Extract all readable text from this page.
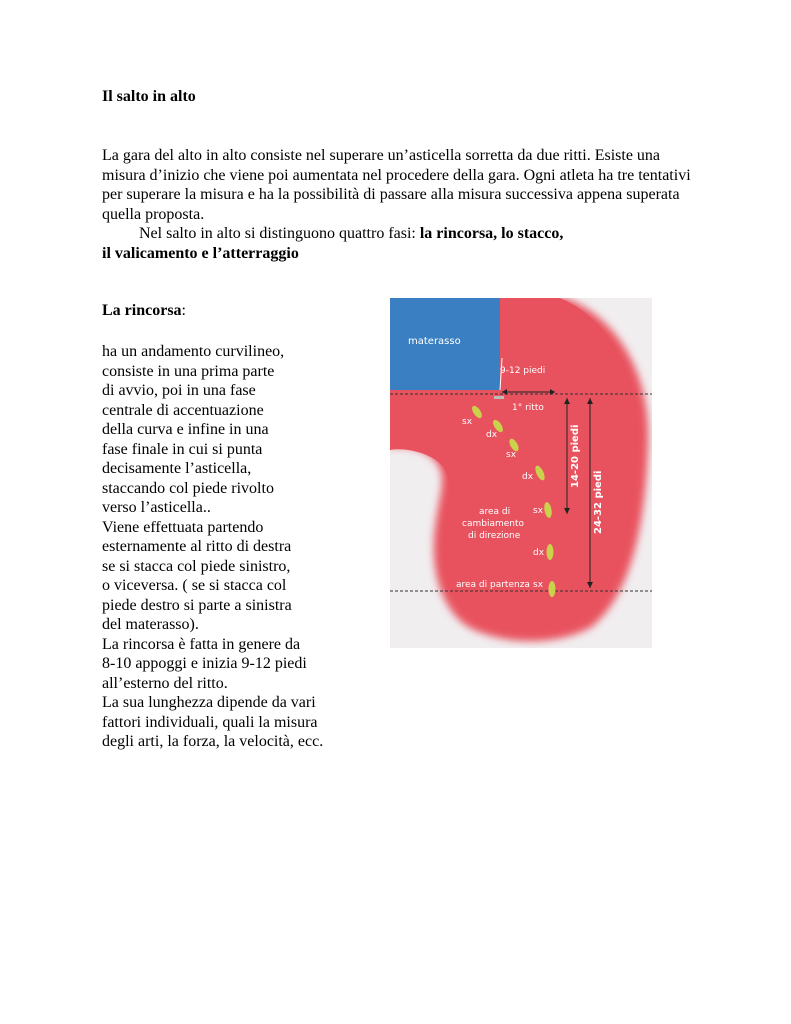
Il salto in alto
La gara del alto in alto consiste nel superare un’asticella sorretta da due ritti. Esiste una misura d’inizio che viene poi aumentata nel procedere della gara. Ogni atleta ha tre tentativi per superare la misura e ha la possibilità di passare alla misura successiva appena superata quella proposta.
Nel salto in alto si distinguono quattro fasi: la rincorsa, lo stacco,
il valicamento e l’atterraggio
La rincorsa:
ha un andamento curvilineo,
consiste in una prima parte
di avvio, poi in una fase
centrale di accentuazione
della curva e infine in una
fase finale in cui si punta
decisamente l’asticella,
staccando col piede rivolto
verso l’asticella..
Viene effettuata partendo
esternamente al ritto di destra
se si stacca col piede sinistro,
o viceversa. ( se si stacca col
piede destro si parte a sinistra
del materasso).
La rincorsa è fatta in genere da
8-10 appoggi e inizia 9-12 piedi
all’esterno del ritto.
La sua lunghezza dipende da vari
fattori individuali, quali la misura
degli arti, la forza, la velocità, ecc.
materasso
9-12 piedi
1° ritto
14-20 piedi
24-32 piedi
sx
dx
sx
dx
sx
dx
sx
area di
cambiamento
di direzione
area di partenza
